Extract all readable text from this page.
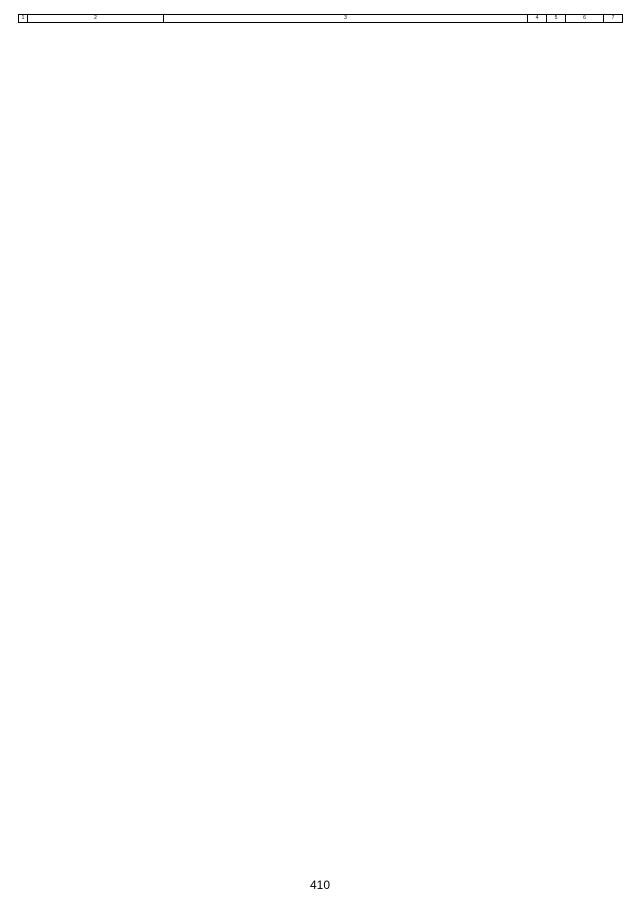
1	2	3	4	5	6	7
410
